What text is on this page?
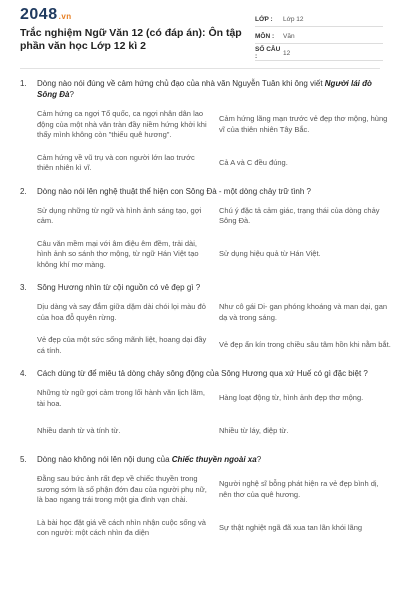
2048.vn
Trắc nghiệm Ngữ Văn 12 (có đáp án): Ôn tập phần văn học Lớp 12 kì 2
LỚP :	Lớp 12
MÔN :	Văn
SỐ CÂU :	12
1.	Dòng nào nói đúng về cảm hứng chủ đạo của nhà văn Nguyễn Tuân khi ông viết Người lái đò Sông Đà?
Cảm hứng ca ngợi Tổ quốc, ca ngợi nhân dân lao động của một nhà văn tràn đầy niềm hứng khởi khi thấy mình không còn "thiếu quê hương".
Cảm hứng lãng mạn trước vẻ đẹp thơ mộng, hùng vĩ của thiên nhiên Tây Bắc.
Cảm hứng về vũ trụ và con người lớn lao trước thiên nhiên kì vĩ.
Cả A và C đều đúng.
2.	Dòng nào nói lên nghệ thuật thể hiện con Sông Đà - một dòng chảy trữ tình ?
Sử dụng những từ ngữ và hình ảnh sáng tạo, gợi cảm.
Chú ý đặc tả cảm giác, trạng thái của dòng chảy Sông Đà.
Câu văn mềm mại với âm điệu êm đềm, trải dài, hình ảnh so sánh thơ mộng, từ ngữ Hán Việt tạo không khí mơ màng.
Sử dụng hiệu quả từ Hán Việt.
3.	Sông Hương nhìn từ cội nguồn có vẻ đẹp gì ?
Dịu dàng và say đắm giữa dặm dài chói lọi màu đỏ của hoa đỗ quyên rừng.
Như cô gái Di- gan phóng khoáng và man dại, gan dạ và trong sáng.
Vẻ đẹp của một sức sống mãnh liệt, hoang dại đầy cá tính.
Vẻ đẹp ẩn kín trong chiều sâu tâm hồn khi nằm bắt.
4.	Cách dùng từ để miêu tả dòng chảy sông động của Sông Hương qua xứ Huế có gì đặc biệt ?
Những từ ngữ gợi cảm trong lối hành văn lịch lãm, tài hoa.
Hàng loạt động từ, hình ảnh đẹp thơ mộng.
Nhiều danh từ và tính từ.	Nhiều từ láy, điệp từ.
5.	Dòng nào không nói lên nội dung của Chiếc thuyền ngoài xa?
Đằng sau bức ảnh rất đẹp về chiếc thuyền trong sương sớm là số phận đớn đau của người phụ nữ, là bao ngang trái trong một gia đình vạn chài.
Người nghệ sĩ bỗng phát hiện ra vẻ đẹp bình dị, nên thơ của quê hương.
Là bài học đặt giá về cách nhìn nhận cuộc sống và con người: một cách nhìn đa diện
Sự thật nghiệt ngã đã xua tan lãn khói lãng
